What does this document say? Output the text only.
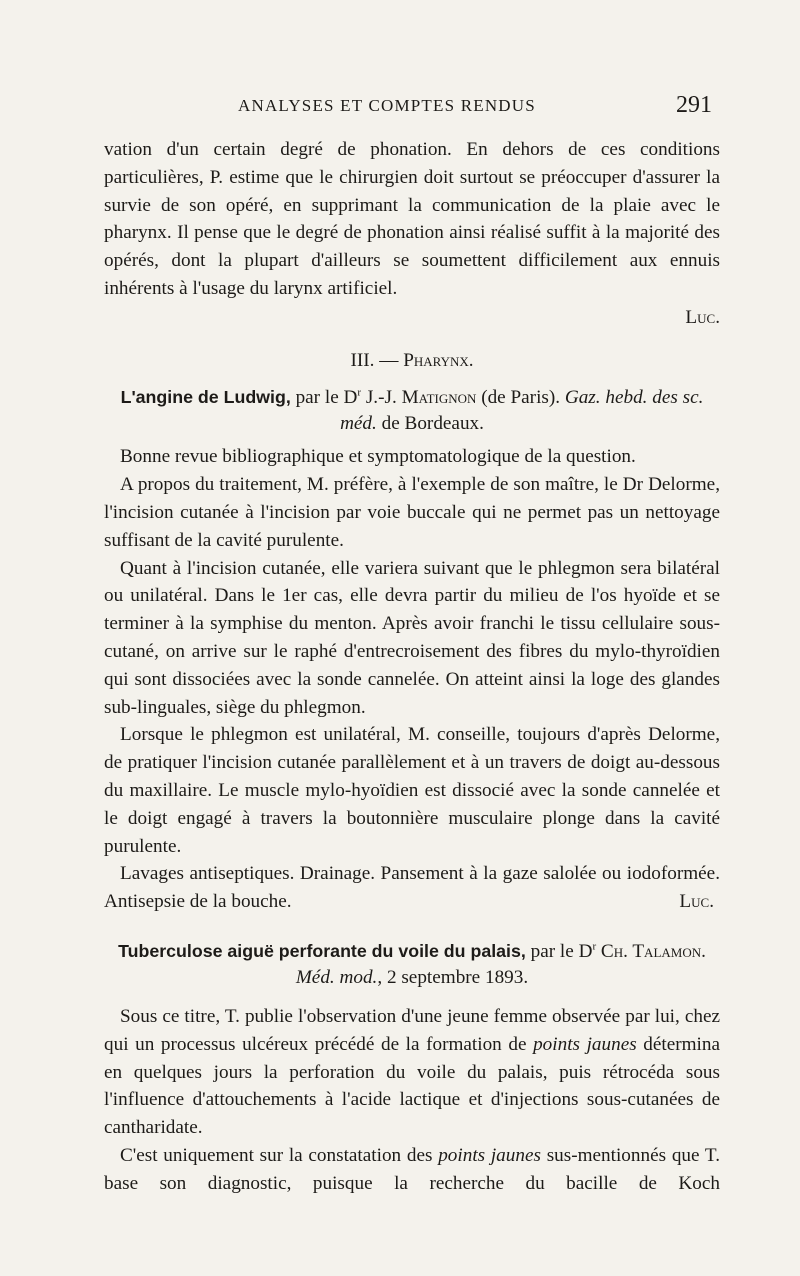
ANALYSES ET COMPTES RENDUS	291

vation d'un certain degré de phonation. En dehors de ces conditions particulières, P. estime que le chirurgien doit surtout se préoccuper d'assurer la survie de son opéré, en supprimant la communication de la plaie avec le pharynx. Il pense que le degré de phonation ainsi réalisé suffit à la majorité des opérés, dont la plupart d'ailleurs se soumettent difficilement aux ennuis inhérents à l'usage du larynx artificiel.

Luc.

III. — Pharynx.

L'angine de Ludwig, par le $D^r$ J.-J. Matignon (de Paris). Gaz. hebd. des sc. méd. de Bordeaux.

Bonne revue bibliographique et symptomatologique de la question.

A propos du traitement, M. préfère, à l'exemple de son maître, le Dr Delorme, l'incision cutanée à l'incision par voie buccale qui ne permet pas un nettoyage suffisant de la cavité purulente.

Quant à l'incision cutanée, elle variera suivant que le phlegmon sera bilatéral ou unilatéral. Dans le 1er cas, elle devra partir du milieu de l'os hyoïde et se terminer à la symphise du menton. Après avoir franchi le tissu cellulaire sous-cutané, on arrive sur le raphé d'entrecroisement des fibres du mylo-thyroïdien qui sont dissociées avec la sonde cannelée. On atteint ainsi la loge des glandes sub-linguales, siège du phlegmon.

Lorsque le phlegmon est unilatéral, M. conseille, toujours d'après Delorme, de pratiquer l'incision cutanée parallèlement et à un travers de doigt au-dessous du maxillaire. Le muscle mylo-hyoïdien est dissocié avec la sonde cannelée et le doigt engagé à travers la boutonnière musculaire plonge dans la cavité purulente.

Lavages antiseptiques. Drainage. Pansement à la gaze salolée ou iodoformée. Antisepsie de la bouche.	Luc.

Tuberculose aiguë perforante du voile du palais, par le $D^r$ Ch. Talamon. Méd. mod., 2 septembre 1893.

Sous ce titre, T. publie l'observation d'une jeune femme observée par lui, chez qui un processus ulcéreux précédé de la formation de points jaunes détermina en quelques jours la perforation du voile du palais, puis rétrocéda sous l'influence d'attouchements à l'acide lactique et d'injections sous-cutanées de cantharidate.

C'est uniquement sur la constatation des points jaunes sus-mentionnés que T. base son diagnostic, puisque la recherche du bacille de Koch
